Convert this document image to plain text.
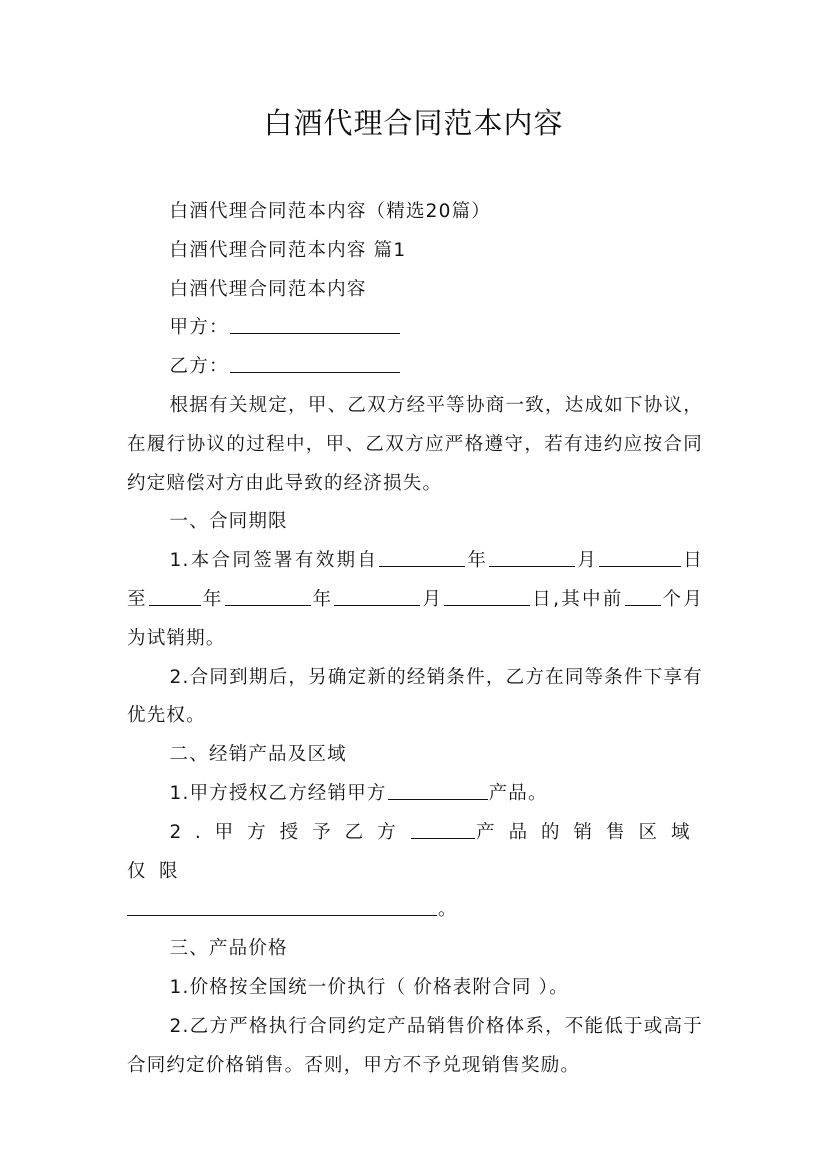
白酒代理合同范本内容

白酒代理合同范本内容（精选20篇）

白酒代理合同范本内容 篇1

白酒代理合同范本内容

甲方：

乙方：

根据有关规定，甲、乙双方经平等协商一致，达成如下协议，在履行协议的过程中，甲、乙双方应严格遵守，若有违约应按合同约定赔偿对方由此导致的经济损失。

一、合同期限

1.本合同签署有效期自	年	月	日至	年	年	月	日,其中前 个月为试销期。

2.合同到期后，另确定新的经销条件，乙方在同等条件下享有优先权。

二、经销产品及区域

1.甲方授权乙方经销甲方	产品。

2.甲方授予乙方	产品的销售区域仅限
。

三、产品价格

1.价格按全国统一价执行（ 价格表附合同 ）。

2.乙方严格执行合同约定产品销售价格体系，不能低于或高于合同约定价格销售。否则，甲方不予兑现销售奖励。
